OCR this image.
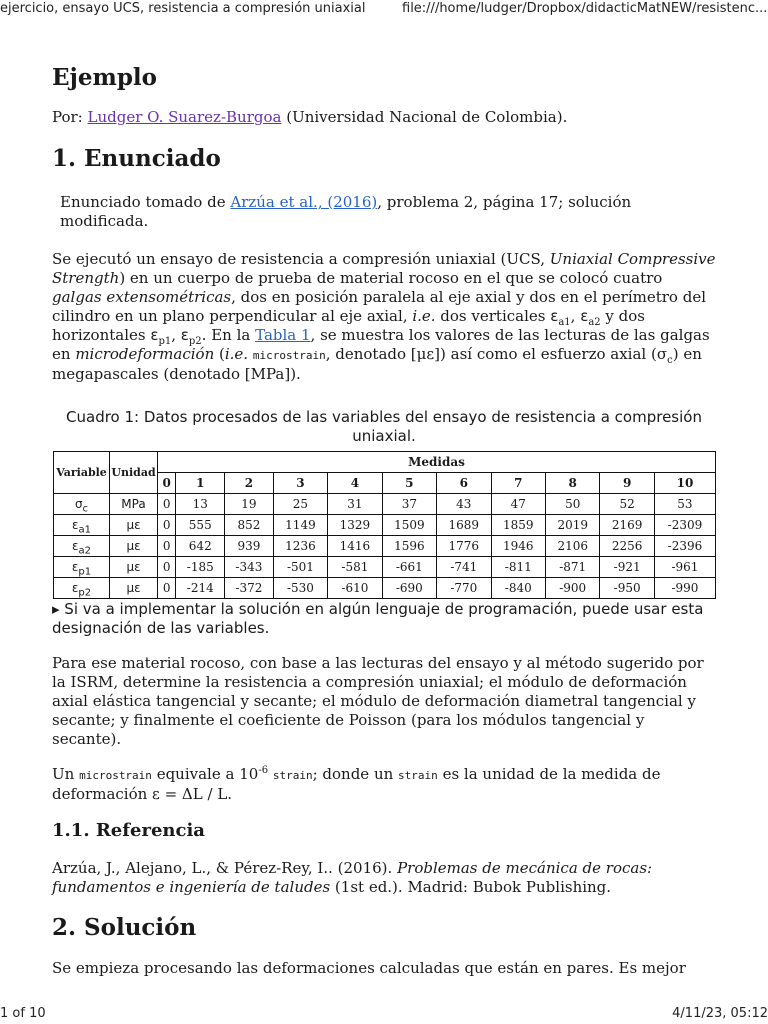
ejercicio, ensayo UCS, resistencia a compresión uniaxial	file:///home/ludger/Dropbox/didacticMatNEW/resistenc...
Ejemplo

Por: Ludger O. Suarez-Burgoa (Universidad Nacional de Colombia).

1. Enunciado

Enunciado tomado de Arzúa et al., (2016), problema 2, página 17; solución modificada.

Se ejecutó un ensayo de resistencia a compresión uniaxial (UCS, Uniaxial Compressive Strength) en un cuerpo de prueba de material rocoso en el que se colocó cuatro galgas extensométricas, dos en posición paralela al eje axial y dos en el perímetro del cilindro en un plano perpendicular al eje axial, i.e. dos verticales $\varepsilon_{a1}$, $\varepsilon_{a2}$ y dos horizontales $\varepsilon_{p1}$, $\varepsilon_{p2}$. En la Tabla 1, se muestra los valores de las lecturas de las galgas en microdeformación (i.e. microstrain, denotado [με]) así como el esfuerzo axial $(\sigma_c)$ en megapascales (denotado [MPa]).

Cuadro 1: Datos procesados de las variables del ensayo de resistencia a compresión uniaxial.

Variable	Unidad	Medidas										
		0	1	2	3	4	5	6	7	8	9	10
$\sigma_c$	MPa	0	13	19	25	31	37	43	47	50	52	53
$\varepsilon_{a1}$	με	0	555	852	1149	1329	1509	1689	1859	2019	2169	-2309
$\varepsilon_{a2}$	με	0	642	939	1236	1416	1596	1776	1946	2106	2256	-2396
$\varepsilon_{p1}$	με	0	-185	-343	-501	-581	-661	-741	-811	-871	-921	-961
$\varepsilon_{p2}$	με	0	-214	-372	-530	-610	-690	-770	-840	-900	-950	-990

▸ Si va a implementar la solución en algún lenguaje de programación, puede usar esta designación de las variables.

Para ese material rocoso, con base a las lecturas del ensayo y al método sugerido por la ISRM, determine la resistencia a compresión uniaxial; el módulo de deformación axial elástica tangencial y secante; el módulo de deformación diametral tangencial y secante; y finalmente el coeficiente de Poisson (para los módulos tangencial y secante).

Un microstrain equivale a $10^{-6}$ strain; donde un strain es la unidad de la medida de deformación ε = ΔL / L.

1.1. Referencia

Arzúa, J., Alejano, L., & Pérez-Rey, I.. (2016). Problemas de mecánica de rocas: fundamentos e ingeniería de taludes (1st ed.). Madrid: Bubok Publishing.

2. Solución

Se empieza procesando las deformaciones calculadas que están en pares. Es mejor

1 of 10	4/11/23, 05:12
